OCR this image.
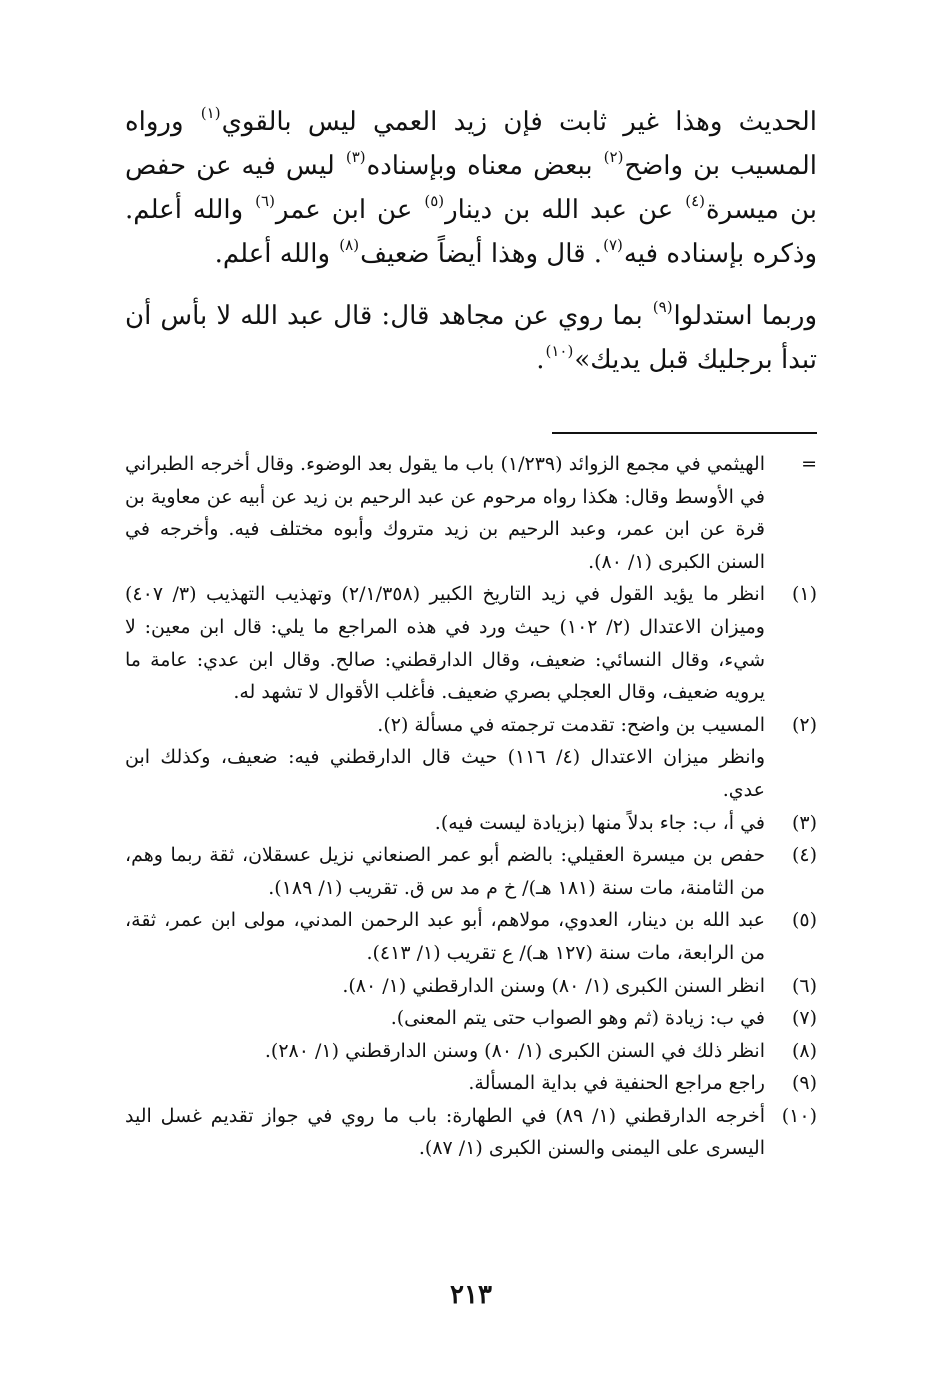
الحديث وهذا غير ثابت فإن زيد العمي ليس بالقوي$^{(١)}$ ورواه المسيب بن واضح$^{(٢)}$ ببعض معناه وبإسناده$^{(٣)}$ ليس فيه عن حفص بن ميسرة$^{(٤)}$ عن عبد الله بن دينار$^{(٥)}$ عن ابن عمر$^{(٦)}$ والله أعلم. وذكره بإسناده فيه$^{(٧)}$. قال وهذا أيضاً ضعيف$^{(٨)}$ والله أعلم.

وربما استدلوا$^{(٩)}$ بما روي عن مجاهد قال: قال عبد الله لا بأس أن تبدأ برجليك قبل يديك»$^{(١٠)}$.

=
الهيثمي في مجمع الزوائد (١/٢٣٩) باب ما يقول بعد الوضوء. وقال أخرجه الطبراني في الأوسط وقال: هكذا رواه مرحوم عن عبد الرحيم بن زيد عن أبيه عن معاوية بن قرة عن ابن عمر، وعبد الرحيم بن زيد متروك وأبوه مختلف فيه. وأخرجه في السنن الكبرى (١/ ٨٠).
(١)
انظر ما يؤيد القول في زيد التاريخ الكبير (٢/١/٣٥٨) وتهذيب التهذيب (٣/ ٤٠٧) وميزان الاعتدال (٢/ ١٠٢) حيث ورد في هذه المراجع ما يلي: قال ابن معين: لا شيء، وقال النسائي: ضعيف، وقال الدارقطني: صالح. وقال ابن عدي: عامة ما يرويه ضعيف، وقال العجلي بصري ضعيف. فأغلب الأقوال لا تشهد له.
(٢)
المسيب بن واضح: تقدمت ترجمته في مسألة (٢).
وانظر ميزان الاعتدال (٤/ ١١٦) حيث قال الدارقطني فيه: ضعيف، وكذلك ابن عدي.
(٣)
في أ، ب: جاء بدلاً منها (بزيادة ليست فيه).
(٤)
حفص بن ميسرة العقيلي: بالضم أبو عمر الصنعاني نزيل عسقلان، ثقة ربما وهم، من الثامنة، مات سنة (١٨١ هـ)/ خ م مد س ق. تقريب (١/ ١٨٩).
(٥)
عبد الله بن دينار، العدوي، مولاهم، أبو عبد الرحمن المدني، مولى ابن عمر، ثقة، من الرابعة، مات سنة (١٢٧ هـ)/ ع تقريب (١/ ٤١٣).
(٦)
انظر السنن الكبرى (١/ ٨٠) وسنن الدارقطني (١/ ٨٠).
(٧)
في ب: زيادة (ثم وهو الصواب حتى يتم المعنى).
(٨)
انظر ذلك في السنن الكبرى (١/ ٨٠) وسنن الدارقطني (١/ ٢٨٠).
(٩)
راجع مراجع الحنفية في بداية المسألة.
(١٠)
أخرجه الدارقطني (١/ ٨٩) في الطهارة: باب ما روي في جواز تقديم غسل اليد اليسرى على اليمنى والسنن الكبرى (١/ ٨٧).
٢١٣
